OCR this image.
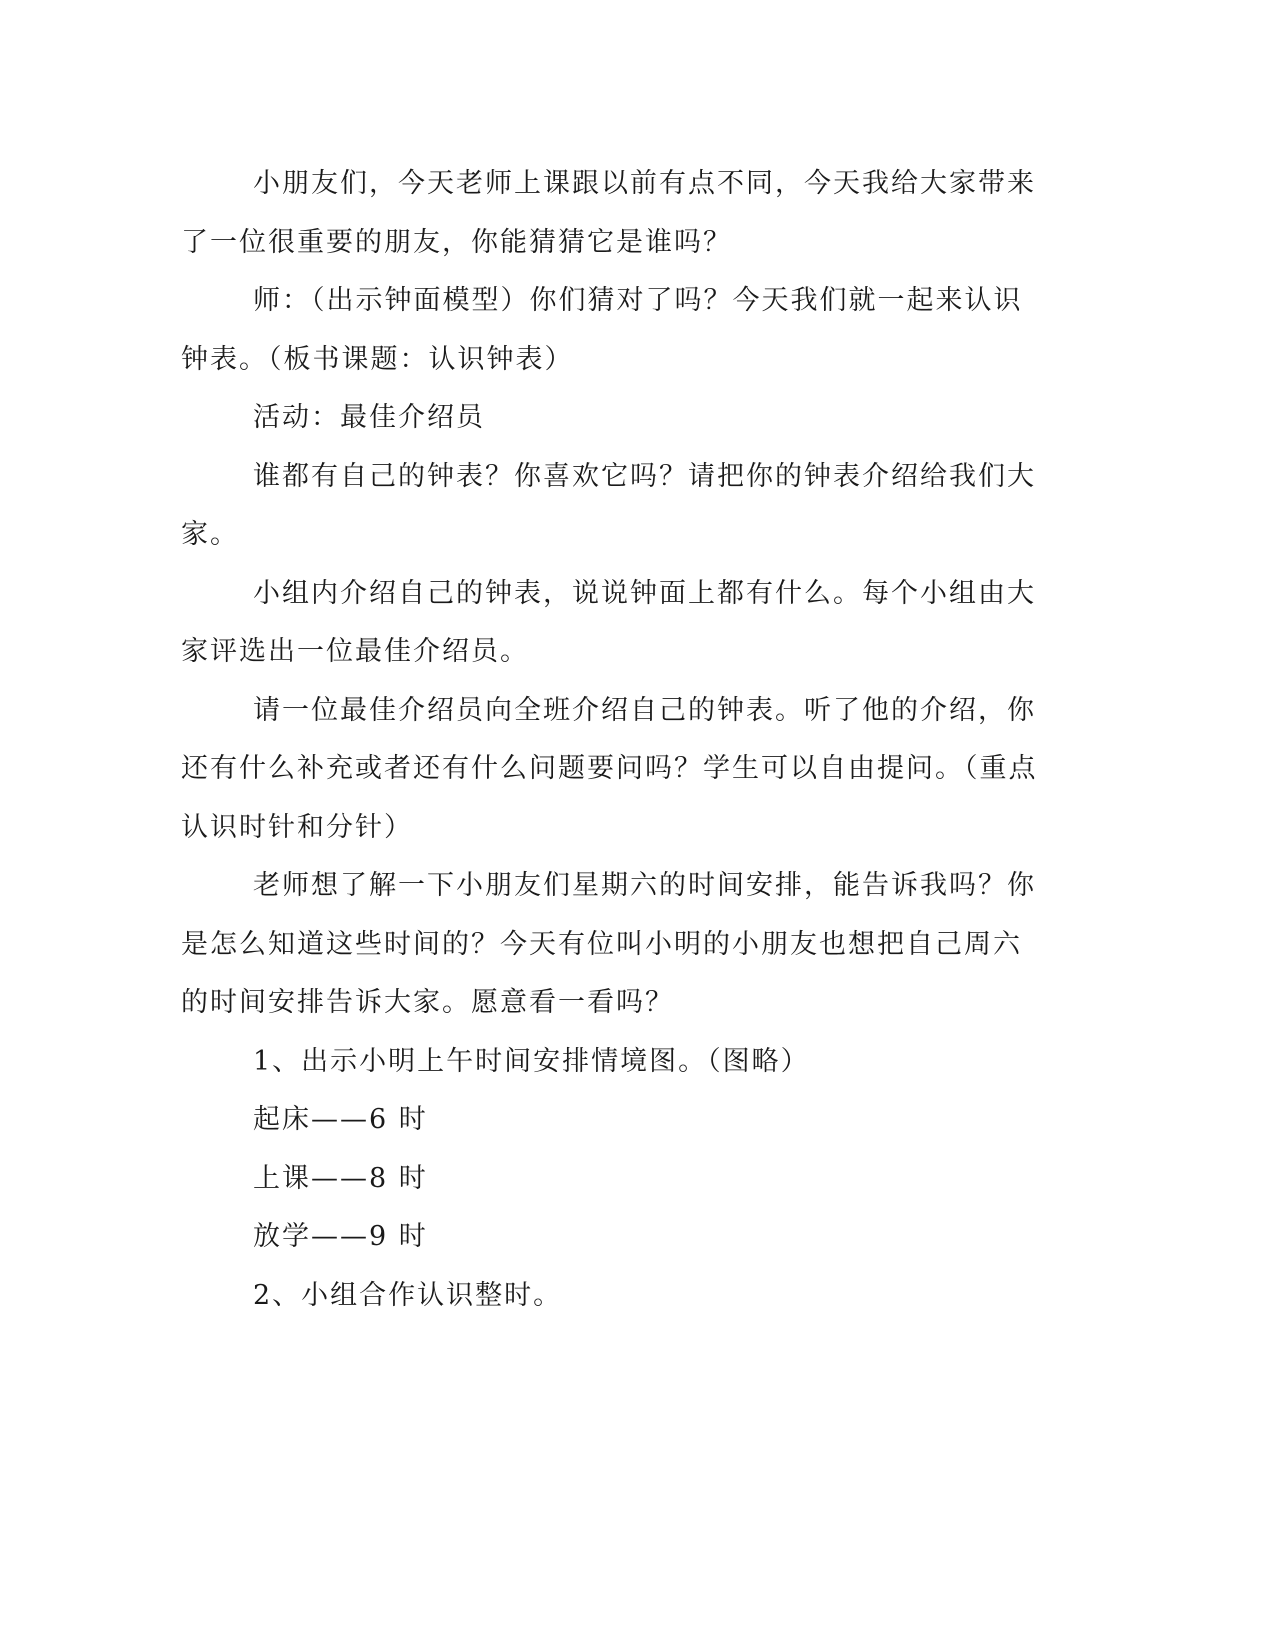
小朋友们，今天老师上课跟以前有点不同，今天我给大家带来了一位很重要的朋友，你能猜猜它是谁吗？

师：（出示钟面模型）你们猜对了吗？今天我们就一起来认识钟表。（板书课题：认识钟表）

活动：最佳介绍员

谁都有自己的钟表？你喜欢它吗？请把你的钟表介绍给我们大家。

小组内介绍自己的钟表，说说钟面上都有什么。每个小组由大家评选出一位最佳介绍员。

请一位最佳介绍员向全班介绍自己的钟表。听了他的介绍，你还有什么补充或者还有什么问题要问吗？学生可以自由提问。（重点认识时针和分针）

老师想了解一下小朋友们星期六的时间安排，能告诉我吗？你是怎么知道这些时间的？今天有位叫小明的小朋友也想把自己周六的时间安排告诉大家。愿意看一看吗？

1、出示小明上午时间安排情境图。（图略）

起床——6 时

上课——8 时

放学——9 时

2、小组合作认识整时。
